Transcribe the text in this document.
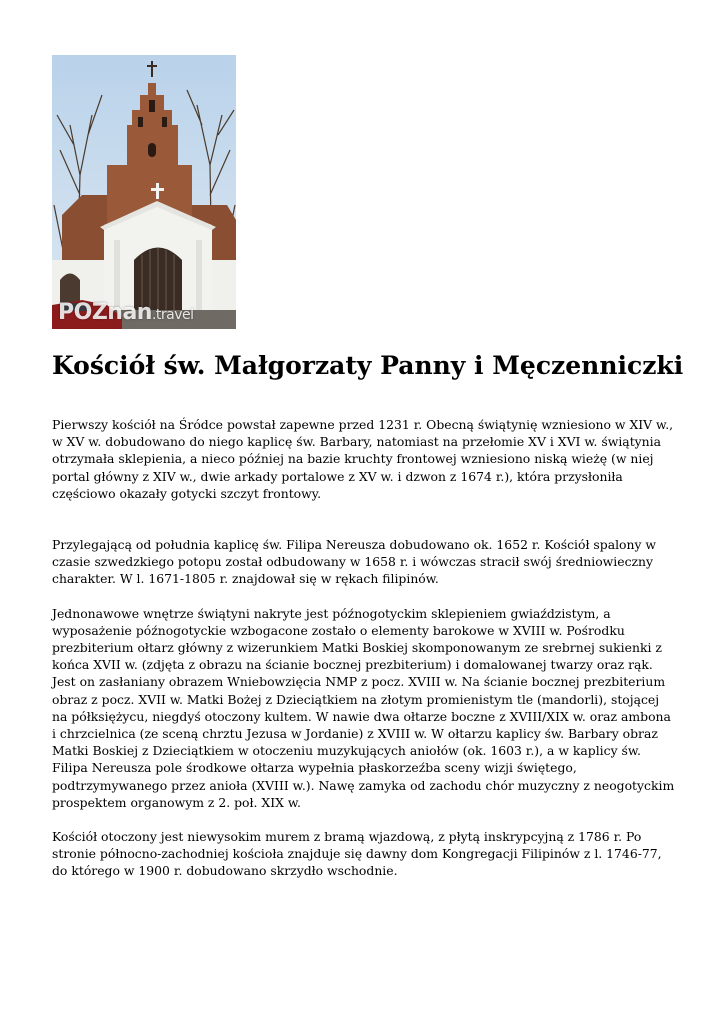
POZnan.travel
Kościół św. Małgorzaty Panny i Męczenniczki

Pierwszy kościół na Śródce powstał zapewne przed 1231 r. Obecną świątynię wzniesiono w XIV w., w XV w. dobudowano do niego kaplicę św. Barbary, natomiast na przełomie XV i XVI w. świątynia otrzymała sklepienia, a nieco później na bazie kruchty frontowej wzniesiono niską wieżę (w niej portal główny z XIV w., dwie arkady portalowe z XV w. i dzwon z 1674 r.), która przysłoniła częściowo okazały gotycki szczyt frontowy.

Przylegającą od południa kaplicę św. Filipa Nereusza dobudowano ok. 1652 r. Kościół spalony w czasie szwedzkiego potopu został odbudowany w 1658 r. i wówczas stracił swój średniowieczny charakter. W l. 1671-1805 r. znajdował się w rękach filipinów.

Jednonawowe wnętrze świątyni nakryte jest późnogotyckim sklepieniem gwiaździstym, a wyposażenie późnogotyckie wzbogacone zostało o elementy barokowe w XVIII w. Pośrodku prezbiterium ołtarz główny z wizerunkiem Matki Boskiej skomponowanym ze srebrnej sukienki z końca XVII w. (zdjęta z obrazu na ścianie bocznej prezbiterium) i domalowanej twarzy oraz rąk. Jest on zasłaniany obrazem Wniebowzięcia NMP z pocz. XVIII w. Na ścianie bocznej prezbiterium obraz z pocz. XVII w. Matki Bożej z Dzieciątkiem na złotym promienistym tle (mandorli), stojącej na półksiężycu, niegdyś otoczony kultem. W nawie dwa ołtarze boczne z XVIII/XIX w. oraz ambona i chrzcielnica (ze sceną chrztu Jezusa w Jordanie) z XVIII w. W ołtarzu kaplicy św. Barbary obraz Matki Boskiej z Dzieciątkiem w otoczeniu muzykujących aniołów (ok. 1603 r.), a w kaplicy św. Filipa Nereusza pole środkowe ołtarza wypełnia płaskorzeźba sceny wizji świętego, podtrzymywanego przez anioła (XVIII w.). Nawę zamyka od zachodu chór muzyczny z neogotyckim prospektem organowym z 2. poł. XIX w.

Kościół otoczony jest niewysokim murem z bramą wjazdową, z płytą inskrypcyjną z 1786 r. Po stronie północno-zachodniej kościoła znajduje się dawny dom Kongregacji Filipinów z l. 1746-77, do którego w 1900 r. dobudowano skrzydło wschodnie.
